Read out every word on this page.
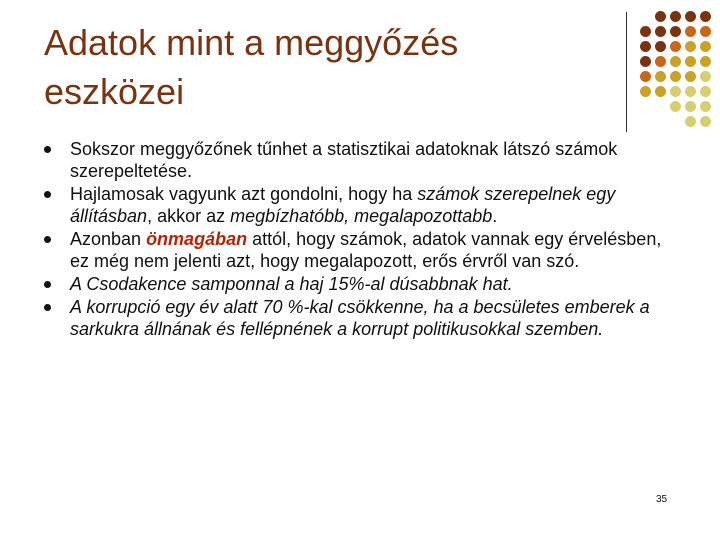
Adatok mint a meggyőzés eszközei
Sokszor meggyőzőnek tűnhet a statisztikai adatoknak látszó számok szerepeltetése.
Hajlamosak vagyunk azt gondolni, hogy ha számok szerepelnek egy állításban, akkor az megbízhatóbb, megalapozottabb.
Azonban önmagában attól, hogy számok, adatok vannak egy érvelésben, ez még nem jelenti azt, hogy megalapozott, erős érvről van szó.
A Csodakence samponnal a haj 15%-al dúsabbnak hat.
A korrupció egy év alatt 70 %-kal csökkenne, ha a becsületes emberek a sarkukra állnának és fellépnének a korrupt politikusokkal szemben.
35
